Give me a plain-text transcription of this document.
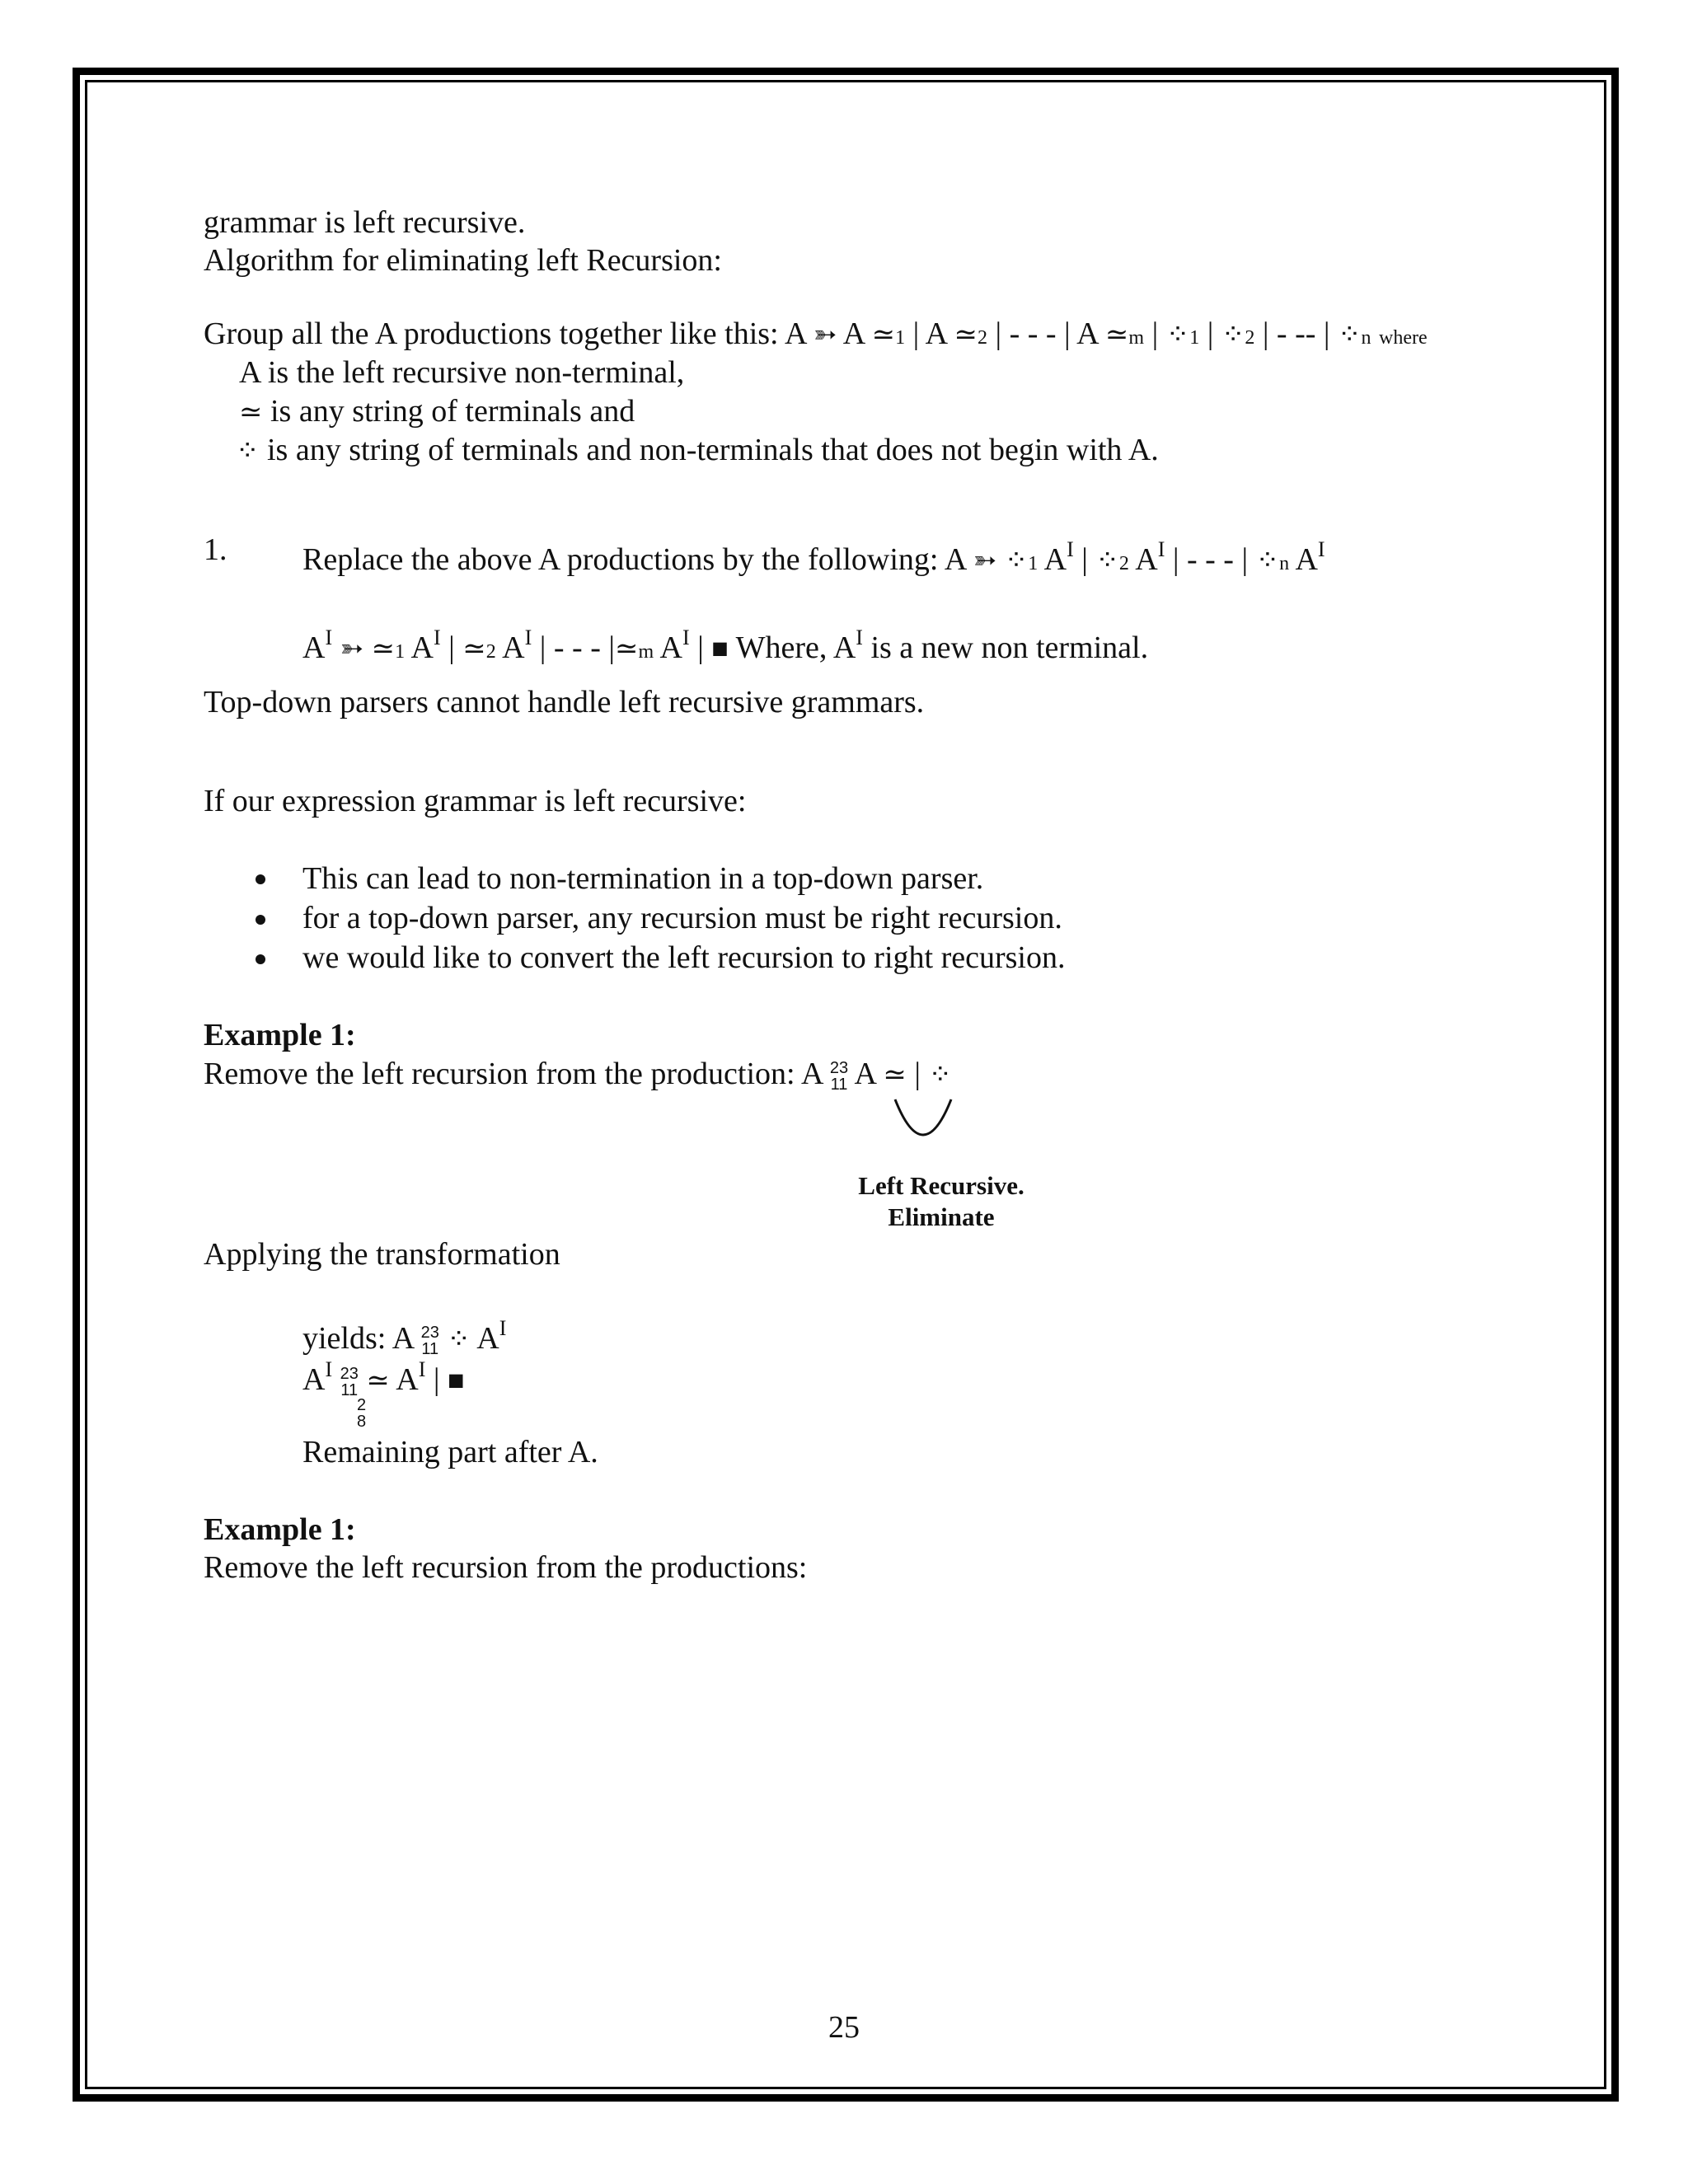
grammar is left recursive.
Algorithm for eliminating left Recursion:
Group all the A productions together like this: A ➳ A ≃1 | A ≃2 | - - - | A ≃m | ⁘1 | ⁘2 | - -- | ⁘n where
A is the left recursive non-terminal,
≃ is any string of terminals and
⁘ is any string of terminals and non-terminals that does not begin with A.
1. Replace the above A productions by the following: A ➳ ⁘1 $A^I$ | ⁘2 $A^I$ | - - - | ⁘n $A^I$
$A^I$ ➳ ≃1 $A^I$ | ≃2 $A^I$ | - - - |≃m $A^I$ | ■ Where, $A^I$ is a new non terminal.
Top-down parsers cannot handle left recursive grammars.
If our expression grammar is left recursive:
This can lead to non-termination in a top-down parser.
for a top-down parser, any recursion must be right recursion.
we would like to convert the left recursion to right recursion.
Example 1:
Remove the left recursion from the production: A 23
11 A ≃ | ⁘
Left Recursive.
Eliminate
Applying the transformation
yields: A 23
11 ⁘ $A^I$
$A^I$ 23
11 ≃ $A^I$ | ■
2
8
Remaining part after A.
Example 1:
Remove the left recursion from the productions:
25
